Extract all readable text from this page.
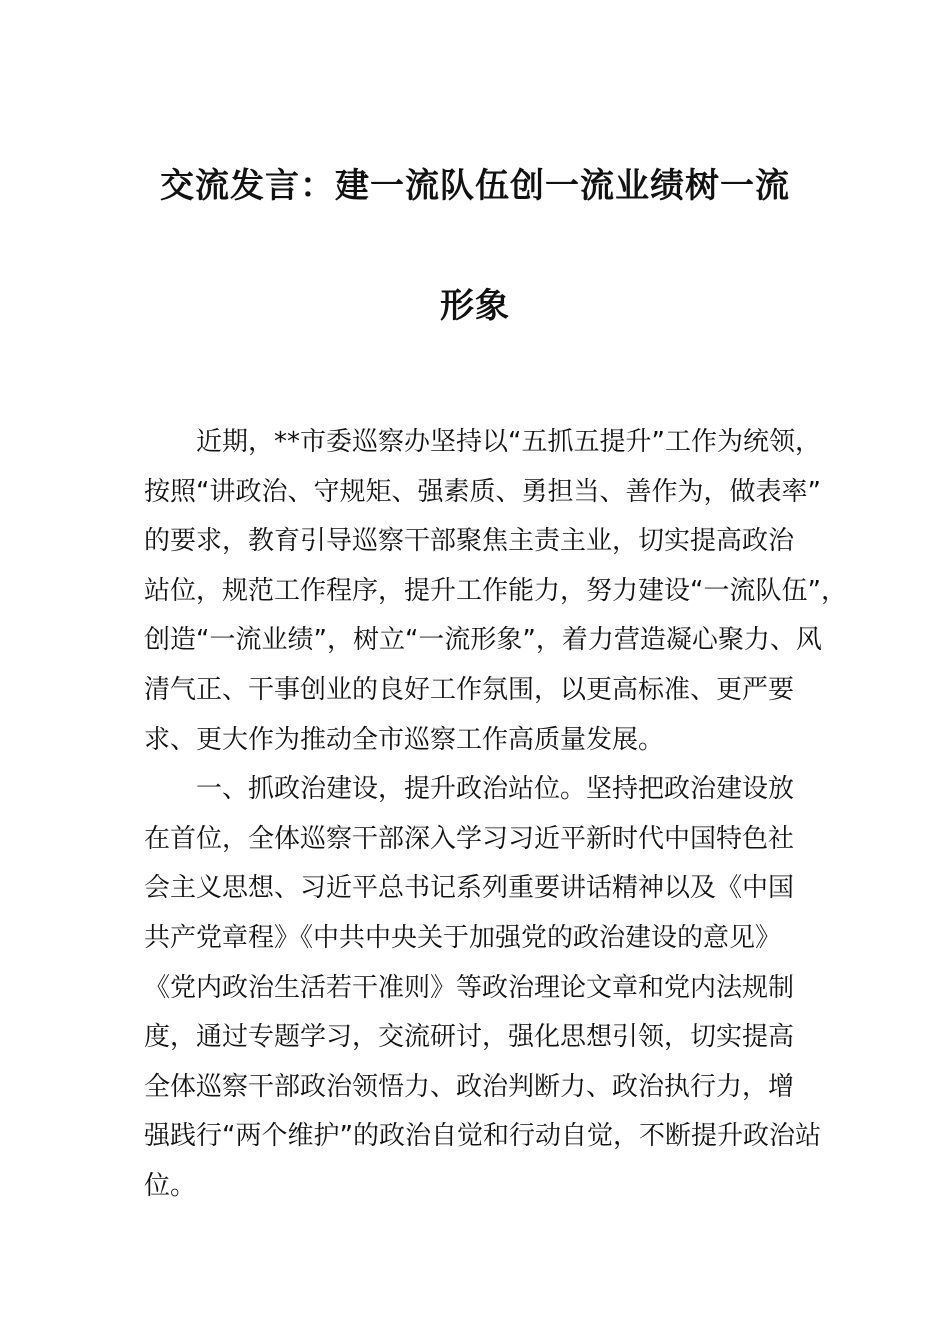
交流发言：建一流队伍创一流业绩树一流
形象
近期，**市委巡察办坚持以“五抓五提升”工作为统领，
按照“讲政治、守规矩、强素质、勇担当、善作为，做表率”
的要求，教育引导巡察干部聚焦主责主业，切实提高政治
站位，规范工作程序，提升工作能力，努力建设“一流队伍”，
创造“一流业绩”，树立“一流形象”，着力营造凝心聚力、风
清气正、干事创业的良好工作氛围，以更高标准、更严要
求、更大作为推动全市巡察工作高质量发展。
一、抓政治建设，提升政治站位。坚持把政治建设放
在首位，全体巡察干部深入学习习近平新时代中国特色社
会主义思想、习近平总书记系列重要讲话精神以及《中国
共产党章程》《中共中央关于加强党的政治建设的意见》
《党内政治生活若干准则》等政治理论文章和党内法规制
度，通过专题学习，交流研讨，强化思想引领，切实提高
全体巡察干部政治领悟力、政治判断力、政治执行力，增
强践行“两个维护”的政治自觉和行动自觉，不断提升政治站
位。
